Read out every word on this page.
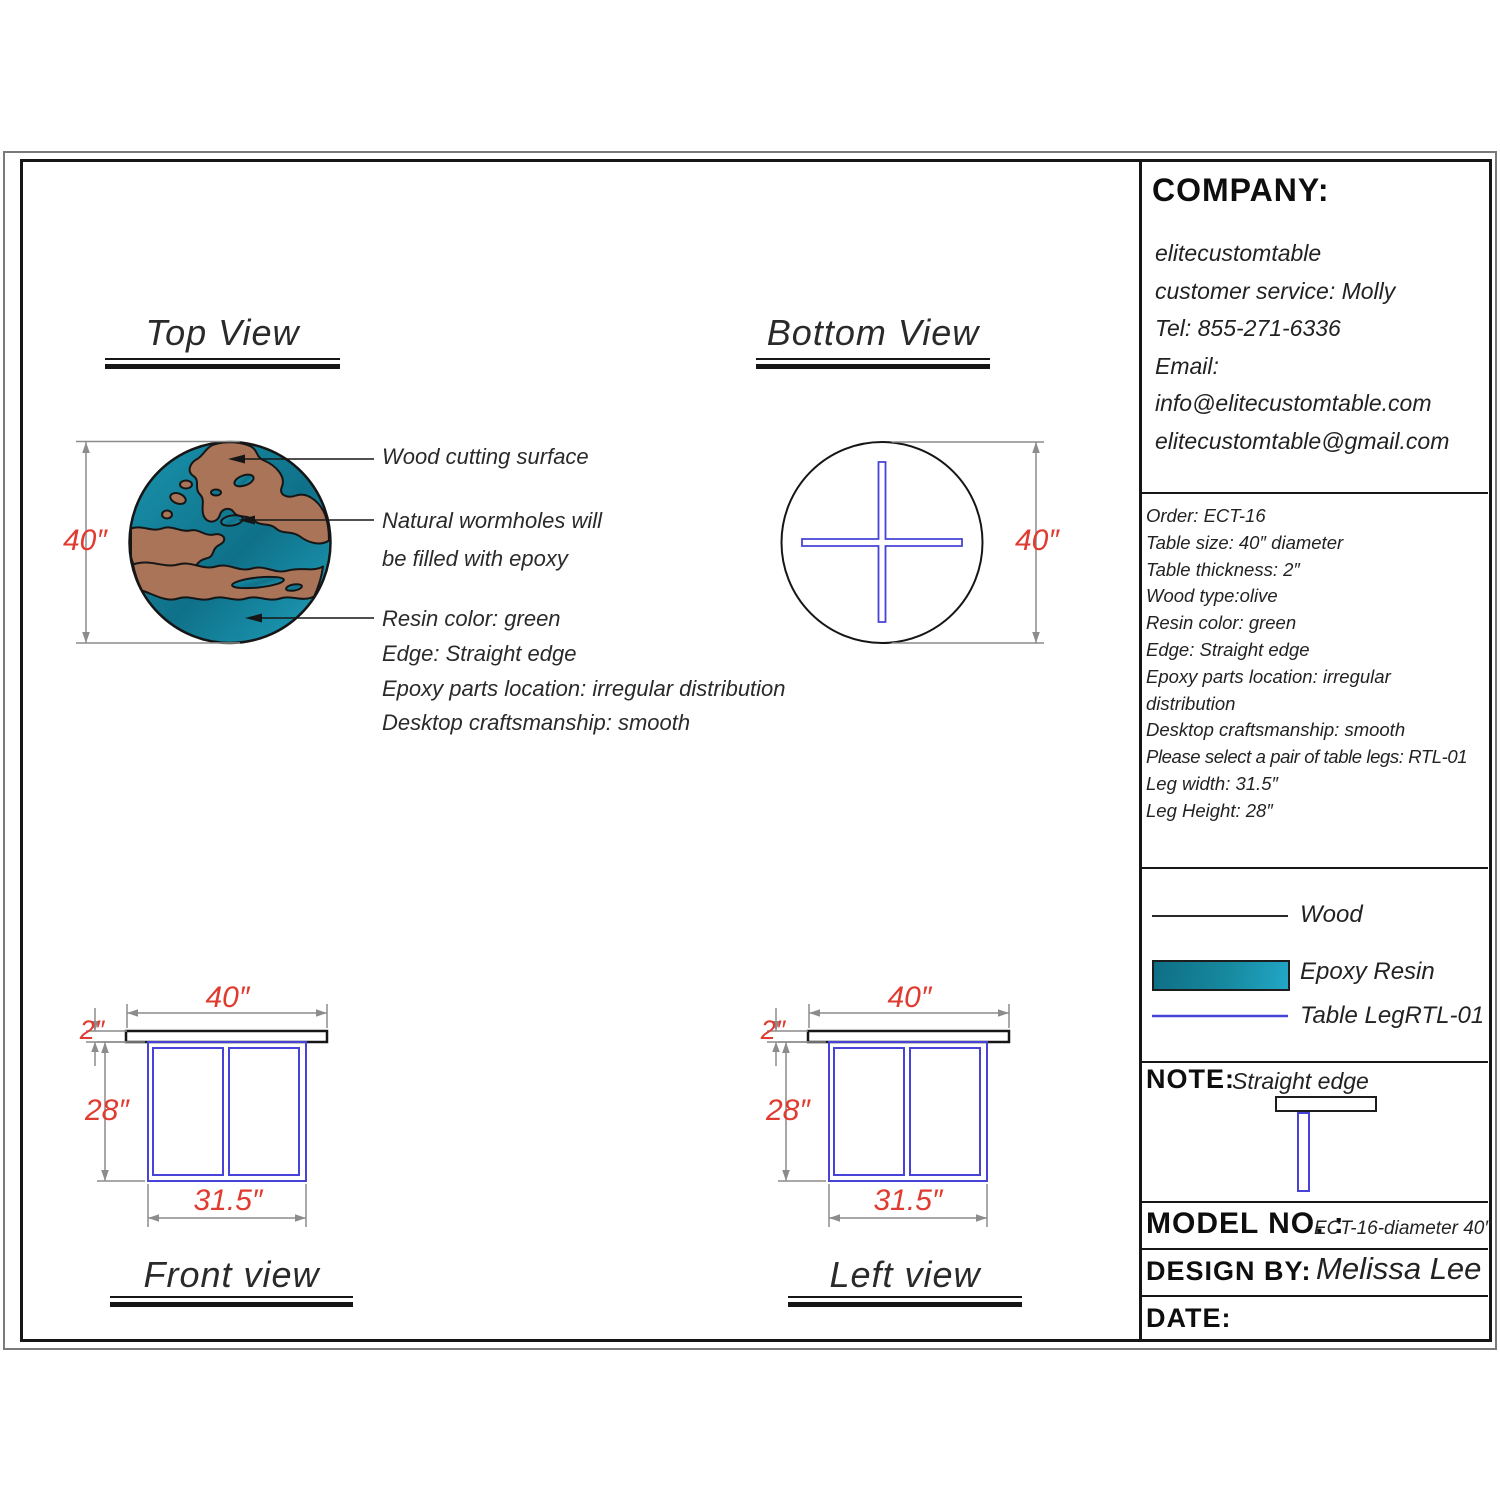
Top View	Bottom View
Front view	Left view
Wood cutting surface
Natural wormholes will
be filled with epoxy
Resin color: green
Edge: Straight edge
Epoxy parts location: irregular distribution
Desktop craftsmanship: smooth
40″	40″
40″
2″
28″
31.5″
40″
2″
28″
31.5″
COMPANY:
elitecustomtable
customer service: Molly
Tel: 855-271-6336
Email:
info@elitecustomtable.com
elitecustomtable@gmail.com
Order: ECT-16
Table size: 40″ diameter
Table thickness: 2″
Wood type:olive
Resin color: green
Edge: Straight edge
Epoxy parts location: irregular
distribution
Desktop craftsmanship: smooth
Please select a pair of table legs: RTL-01
Leg width: 31.5″
Leg Height: 28″
Wood
Epoxy Resin
Table LegRTL-01
NOTE:
Straight edge
MODEL NO. :
ECT-16-diameter 40″
DESIGN BY: Melissa Lee
DATE:
